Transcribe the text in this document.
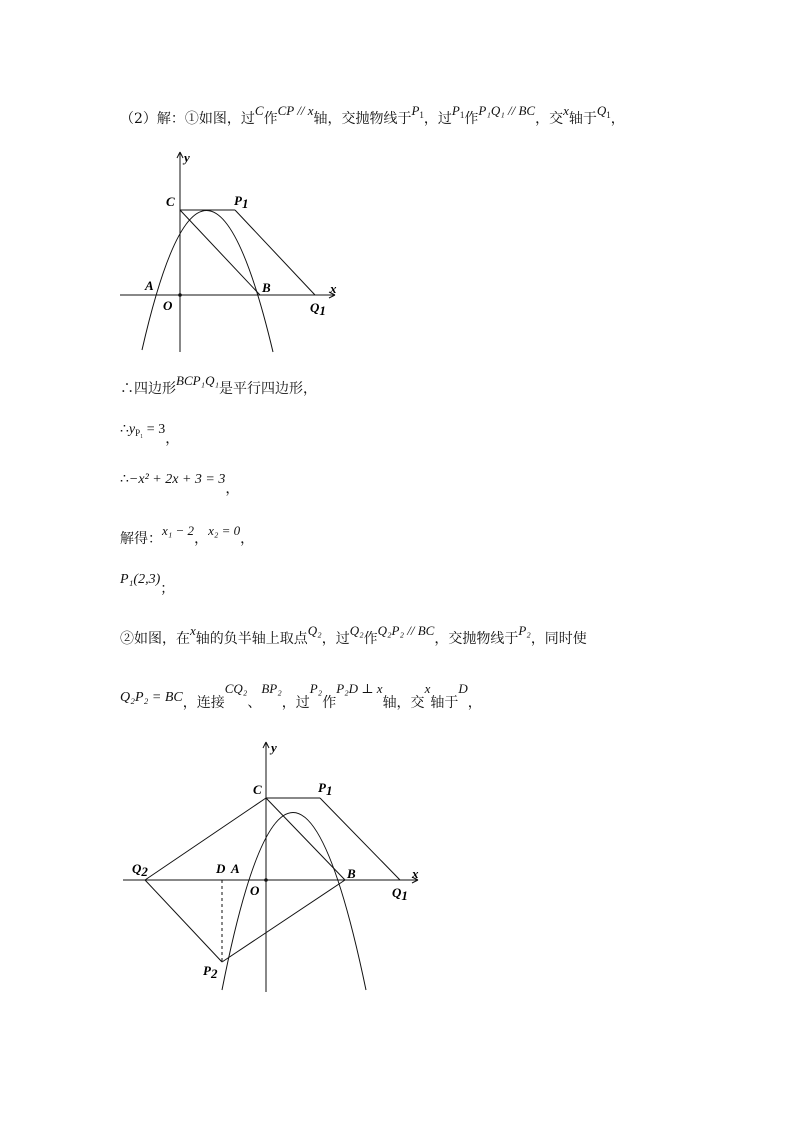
（2）解：①如图，过C作CP // x轴，交抛物线于$P_1$，过$P_1$作P₁Q₁ // BC，交x轴于$Q_1$，
y
x
C	P1
A
O
B
Q1
∴四边形BCP₁Q₁是平行四边形，
$\therefore y_{P_1} = 3$，
∴−x² + 2x + 3 = 3，
解得：x₁ − 2，x₂ = 0，
P₁(2,3)；
②如图，在x轴的负半轴上取点Q₂，过Q₂作Q₂P₂ // BC，交抛物线于P₂，同时使
Q₂P₂ = BC，连接CQ₂、BP₂，过P₂作P₂D ⊥ x轴，交x轴于D，
y
x
C	P1
Q2	D A
O
B
Q1
P2
